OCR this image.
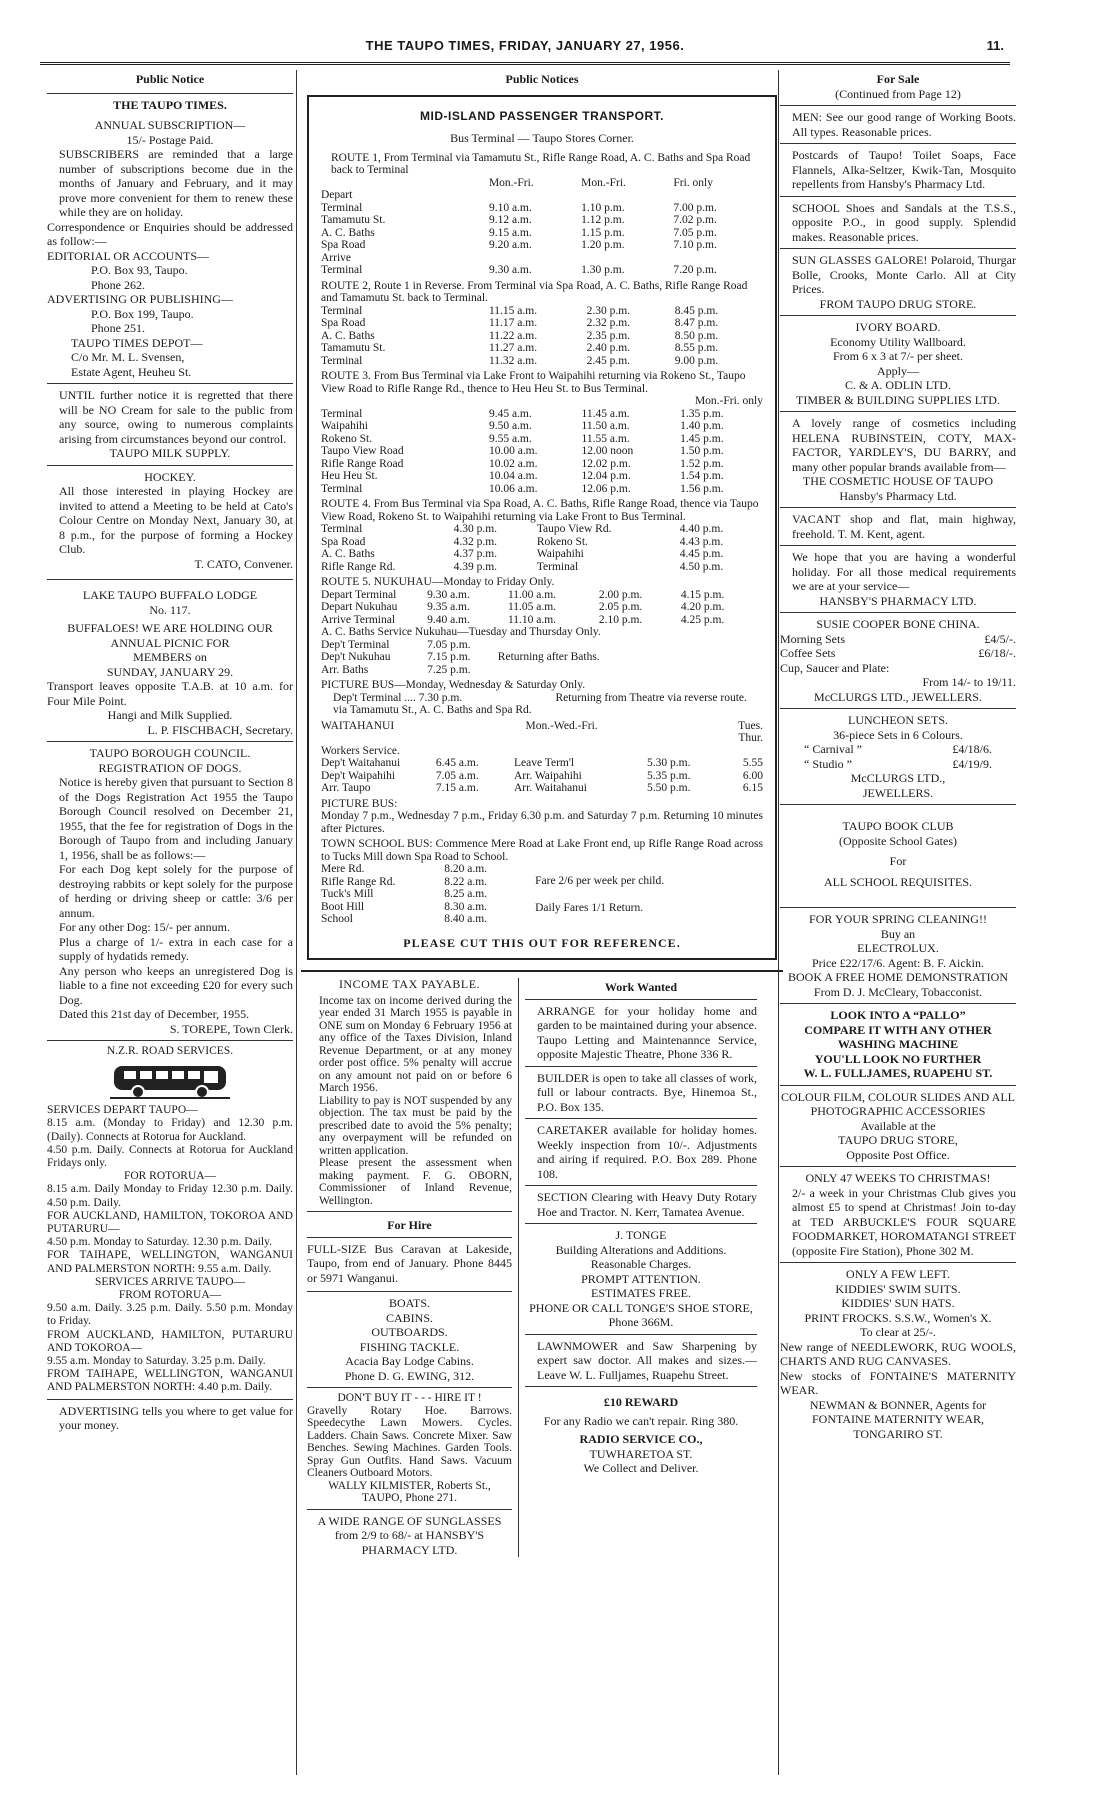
THE TAUPO TIMES, FRIDAY, JANUARY 27, 1956.	11.
Public Notice

THE TAUPO TIMES.

ANNUAL SUBSCRIPTION—

15/- Postage Paid.

SUBSCRIBERS are reminded that a large number of subscriptions become due in the months of January and February, and it may prove more convenient for them to renew these while they are on holiday.

Correspondence or Enquiries should be addressed as follow:—

EDITORIAL OR ACCOUNTS—

P.O. Box 93, Taupo.

Phone 262.

ADVERTISING OR PUBLISHING—

P.O. Box 199, Taupo.

Phone 251.

TAUPO TIMES DEPOT—

C/o Mr. M. L. Svensen,

Estate Agent, Heuheu St.

UNTIL further notice it is regretted that there will be NO Cream for sale to the public from any source, owing to numerous complaints arising from circumstances beyond our control.

TAUPO MILK SUPPLY.

HOCKEY.

All those interested in playing Hockey are invited to attend a Meeting to be held at Cato's Colour Centre on Monday Next, January 30, at 8 p.m., for the purpose of forming a Hockey Club.

T. CATO, Convener.

LAKE TAUPO BUFFALO LODGE

No. 117.

BUFFALOES! WE ARE HOLDING OUR ANNUAL PICNIC FOR

MEMBERS on

SUNDAY, JANUARY 29.

Transport leaves opposite T.A.B. at 10 a.m. for Four Mile Point.

Hangi and Milk Supplied.

L. P. FISCHBACH, Secretary.

TAUPO BOROUGH COUNCIL.

REGISTRATION OF DOGS.

Notice is hereby given that pursuant to Section 8 of the Dogs Registration Act 1955 the Taupo Borough Council resolved on December 21, 1955, that the fee for registration of Dogs in the Borough of Taupo from and including January 1, 1956, shall be as follows:—

For each Dog kept solely for the purpose of destroying rabbits or kept solely for the purpose of herding or driving sheep or cattle: 3/6 per annum.

For any other Dog: 15/- per annum.

Plus a charge of 1/- extra in each case for a supply of hydatids remedy.

Any person who keeps an unregistered Dog is liable to a fine not exceeding £20 for every such Dog.

Dated this 21st day of December, 1955.

S. TOREPE, Town Clerk.

N.Z.R. ROAD SERVICES.

SERVICES DEPART TAUPO—

8.15 a.m. (Monday to Friday) and 12.30 p.m. (Daily). Connects at Rotorua for Auckland.

4.50 p.m. Daily. Connects at Rotorua for Auckland Fridays only.

FOR ROTORUA—

8.15 a.m. Daily Monday to Friday 12.30 p.m. Daily. 4.50 p.m. Daily.

FOR AUCKLAND, HAMILTON, TOKOROA AND PUTARURU—

4.50 p.m. Monday to Saturday. 12.30 p.m. Daily.

FOR TAIHAPE, WELLINGTON, WANGANUI AND PALMERSTON NORTH: 9.55 a.m. Daily.

SERVICES ARRIVE TAUPO—

FROM ROTORUA—

9.50 a.m. Daily. 3.25 p.m. Daily. 5.50 p.m. Monday to Friday.

FROM AUCKLAND, HAMILTON, PUTARURU AND TOKOROA—

9.55 a.m. Monday to Saturday. 3.25 p.m. Daily.

FROM TAIHAPE, WELLINGTON, WANGANUI AND PALMERSTON NORTH: 4.40 p.m. Daily.

ADVERTISING tells you where to get value for your money.

Public Notices
MID-ISLAND PASSENGER TRANSPORT.

Bus Terminal — Taupo Stores Corner.

ROUTE 1, From Terminal via Tamamutu St., Rifle Range Road, A. C. Baths and Spa Road back to Terminal

	Mon.-Fri.	Mon.-Fri.	Fri. only
Depart			
Terminal	9.10 a.m.	1.10 p.m.	7.00 p.m.
Tamamutu St.	9.12 a.m.	1.12 p.m.	7.02 p.m.
A. C. Baths	9.15 a.m.	1.15 p.m.	7.05 p.m.
Spa Road	9.20 a.m.	1.20 p.m.	7.10 p.m.
Arrive			
Terminal	9.30 a.m.	1.30 p.m.	7.20 p.m.

ROUTE 2, Route 1 in Reverse. From Terminal via Spa Road, A. C. Baths, Rifle Range Road and Tamamutu St. back to Terminal.

Terminal	11.15 a.m.	2.30 p.m.	8.45 p.m.
Spa Road	11.17 a.m.	2.32 p.m.	8.47 p.m.
A. C. Baths	11.22 a.m.	2.35 p.m.	8.50 p.m.
Tamamutu St.	11.27 a.m.	2.40 p.m.	8.55 p.m.
Terminal	11.32 a.m.	2.45 p.m.	9.00 p.m.

ROUTE 3. From Bus Terminal via Lake Front to Waipahihi returning via Rokeno St., Taupo View Road to Rifle Range Rd., thence to Heu Heu St. to Bus Terminal.

Mon.-Fri. only

Terminal	9.45 a.m.	11.45 a.m.	1.35 p.m.
Waipahihi	9.50 a.m.	11.50 a.m.	1.40 p.m.
Rokeno St.	9.55 a.m.	11.55 a.m.	1.45 p.m.
Taupo View Road	10.00 a.m.	12.00 noon	1.50 p.m.
Rifle Range Road	10.02 a.m.	12.02 p.m.	1.52 p.m.
Heu Heu St.	10.04 a.m.	12.04 p.m.	1.54 p.m.
Terminal	10.06 a.m.	12.06 p.m.	1.56 p.m.

ROUTE 4. From Bus Terminal via Spa Road, A. C. Baths, Rifle Range Road, thence via Taupo View Road, Rokeno St. to Waipahihi returning via Lake Front to Bus Terminal.

Terminal	4.30 p.m.	Taupo View Rd.	4.40 p.m.
Spa Road	4.32 p.m.	Rokeno St.	4.43 p.m.
A. C. Baths	4.37 p.m.	Waipahihi	4.45 p.m.
Rifle Range Rd.	4.39 p.m.	Terminal	4.50 p.m.

ROUTE 5. NUKUHAU—Monday to Friday Only.

Depart Terminal	9.30 a.m.	11.00 a.m.	2.00 p.m.	4.15 p.m.
Depart Nukuhau	9.35 a.m.	11.05 a.m.	2.05 p.m.	4.20 p.m.
Arrive Terminal	9.40 a.m.	11.10 a.m.	2.10 p.m.	4.25 p.m.

A. C. Baths Service Nukuhau—Tuesday and Thursday Only.

Dep't Terminal	7.05 p.m.	
Dep't Nukuhau	7.15 p.m.	Returning after Baths.
Arr. Baths	7.25 p.m.	

PICTURE BUS—Monday, Wednesday & Saturday Only.

Dep't Terminal .... 7.30 p.m.

via Tamamutu St., A. C. Baths and Spa Rd.

Returning from Theatre via reverse route.

WAITAHANUI	Mon.-Wed.-Fri.	Tues. Thur.

Workers Service.

Dep't Waitahanui	6.45 a.m.	Leave Term'l	5.30 p.m.	5.55
Dep't Waipahihi	7.05 a.m.	Arr. Waipahihi	5.35 p.m.	6.00
Arr. Taupo	7.15 a.m.	Arr. Waitahanui	5.50 p.m.	6.15

PICTURE BUS:

Monday 7 p.m., Wednesday 7 p.m., Friday 6.30 p.m. and Saturday 7 p.m. Returning 10 minutes after Pictures.

TOWN SCHOOL BUS: Commence Mere Road at Lake Front end, up Rifle Range Road across to Tucks Mill down Spa Road to School.

Mere Rd.	8.20 a.m.
Rifle Range Rd.	8.22 a.m.
Tuck's Mill	8.25 a.m.
Boot Hill	8.30 a.m.
School	8.40 a.m.

Fare 2/6 per week per child.

Daily Fares 1/1 Return.

PLEASE CUT THIS OUT FOR REFERENCE.

INCOME TAX PAYABLE.

Income tax on income derived during the year ended 31 March 1955 is payable in ONE sum on Monday 6 February 1956 at any office of the Taxes Division, Inland Revenue Department, or at any money order post office. 5% penalty will accrue on any amount not paid on or before 6 March 1956.

Liability to pay is NOT suspended by any objection. The tax must be paid by the prescribed date to avoid the 5% penalty; any overpayment will be refunded on written application.

Please present the assessment when making payment. F. G. OBORN, Commissioner of Inland Revenue, Wellington.

For Hire

FULL-SIZE Bus Caravan at Lakeside, Taupo, from end of January. Phone 8445 or 5971 Wanganui.

BOATS.

CABINS.

OUTBOARDS.

FISHING TACKLE.

Acacia Bay Lodge Cabins.

Phone D. G. EWING, 312.

DON'T BUY IT - - - HIRE IT !

Gravelly Rotary Hoe. Barrows. Speedecythe Lawn Mowers. Cycles. Ladders. Chain Saws. Concrete Mixer. Saw Benches. Sewing Machines. Garden Tools. Spray Gun Outfits. Hand Saws. Vacuum Cleaners Outboard Motors.

WALLY KILMISTER, Roberts St., TAUPO, Phone 271.

A WIDE RANGE OF SUNGLASSES from 2/9 to 68/- at HANSBY'S PHARMACY LTD.

Work Wanted

ARRANGE for your holiday home and garden to be maintained during your absence. Taupo Letting and Maintenannce Service, opposite Majestic Theatre, Phone 336 R.

BUILDER is open to take all classes of work, full or labour contracts. Bye, Hinemoa St., P.O. Box 135.

CARETAKER available for holiday homes. Weekly inspection from 10/-. Adjustments and airing if required. P.O. Box 289. Phone 108.

SECTION Clearing with Heavy Duty Rotary Hoe and Tractor. N. Kerr, Tamatea Avenue.

J. TONGE

Building Alterations and Additions.

Reasonable Charges.

PROMPT ATTENTION.

ESTIMATES FREE.

PHONE OR CALL TONGE'S SHOE STORE, Phone 366M.

LAWNMOWER and Saw Sharpening by expert saw doctor. All makes and sizes.—Leave W. L. Fulljames, Ruapehu Street.

£10 REWARD

For any Radio we can't repair. Ring 380.

RADIO SERVICE CO.,

TUWHARETOA ST.

We Collect and Deliver.

For Sale

(Continued from Page 12)

MEN: See our good range of Working Boots. All types. Reasonable prices.

Postcards of Taupo! Toilet Soaps, Face Flannels, Alka-Seltzer, Kwik-Tan, Mosquito repellents from Hansby's Pharmacy Ltd.

SCHOOL Shoes and Sandals at the T.S.S., opposite P.O., in good supply. Splendid makes. Reasonable prices.

SUN GLASSES GALORE! Polaroid, Thurgar Bolle, Crooks, Monte Carlo. All at City Prices.

FROM TAUPO DRUG STORE.

IVORY BOARD.

Economy Utility Wallboard.

From 6 x 3 at 7/- per sheet.

Apply—

C. & A. ODLIN LTD.

TIMBER & BUILDING SUPPLIES LTD.

A lovely range of cosmetics including HELENA RUBINSTEIN, COTY, MAX-FACTOR, YARDLEY'S, DU BARRY, and many other popular brands available from—

THE COSMETIC HOUSE OF TAUPO

Hansby's Pharmacy Ltd.

VACANT shop and flat, main highway, freehold. T. M. Kent, agent.

We hope that you are having a wonderful holiday. For all those medical requirements we are at your service—

HANSBY'S PHARMACY LTD.

SUSIE COOPER BONE CHINA.

Morning Sets	£4/5/-.
Coffee Sets	£6/18/-.

Cup, Saucer and Plate:

From 14/- to 19/11.

McCLURGS LTD., JEWELLERS.

LUNCHEON SETS.

36-piece Sets in 6 Colours.

“ Carnival ”	£4/18/6.
“ Studio ”	£4/19/9.

McCLURGS LTD.,

JEWELLERS.

TAUPO BOOK CLUB

(Opposite School Gates)

For

ALL SCHOOL REQUISITES.

FOR YOUR SPRING CLEANING!!

Buy an

ELECTROLUX.

Price £22/17/6. Agent: B. F. Aickin.

BOOK A FREE HOME DEMONSTRATION

From D. J. McCleary, Tobacconist.

LOOK INTO A “PALLO”

COMPARE IT WITH ANY OTHER

WASHING MACHINE

YOU'LL LOOK NO FURTHER

W. L. FULLJAMES, RUAPEHU ST.

COLOUR FILM, COLOUR SLIDES AND ALL

PHOTOGRAPHIC ACCESSORIES

Available at the

TAUPO DRUG STORE,

Opposite Post Office.

ONLY 47 WEEKS TO CHRISTMAS!

2/- a week in your Christmas Club gives you almost £5 to spend at Christmas! Join to-day at TED ARBUCKLE'S FOUR SQUARE FOODMARKET, HOROMATANGI STREET (opposite Fire Station), Phone 302 M.

ONLY A FEW LEFT.

KIDDIES' SWIM SUITS.

KIDDIES' SUN HATS.

PRINT FROCKS. S.S.W., Women's X.

To clear at 25/-.

New range of NEEDLEWORK, RUG WOOLS, CHARTS AND RUG CANVASES.

New stocks of FONTAINE'S MATERNITY WEAR.

NEWMAN & BONNER, Agents for FONTAINE MATERNITY WEAR, TONGARIRO ST.
